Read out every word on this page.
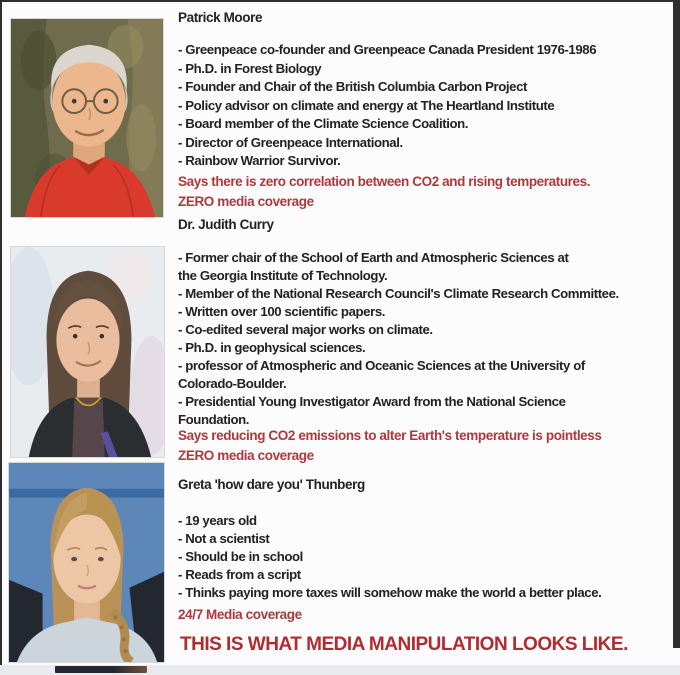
Patrick Moore

- Greenpeace co-founder and Greenpeace Canada President 1976-1986

- Ph.D. in Forest Biology

- Founder and Chair of the British Columbia Carbon Project

- Policy advisor on climate and energy at The Heartland Institute

- Board member of the Climate Science Coalition.

- Director of Greenpeace International.

- Rainbow Warrior Survivor.

Says there is zero correlation between CO2 and rising temperatures.

ZERO media coverage

Dr. Judith Curry

- Former chair of the School of Earth and Atmospheric Sciences at

the Georgia Institute of Technology.

- Member of the National Research Council's Climate Research Committee.

- Written over 100 scientific papers.

- Co-edited several major works on climate.

- Ph.D. in geophysical sciences.

- professor of Atmospheric and Oceanic Sciences at the University of

Colorado-Boulder.

- Presidential Young Investigator Award from the National Science

Foundation.

Says reducing CO2 emissions to alter Earth's temperature is pointless

ZERO media coverage

Greta 'how dare you' Thunberg

- 19 years old

- Not a scientist

- Should be in school

- Reads from a script

- Thinks paying more taxes will somehow make the world a better place.

24/7 Media coverage

THIS IS WHAT MEDIA MANIPULATION LOOKS LIKE.
